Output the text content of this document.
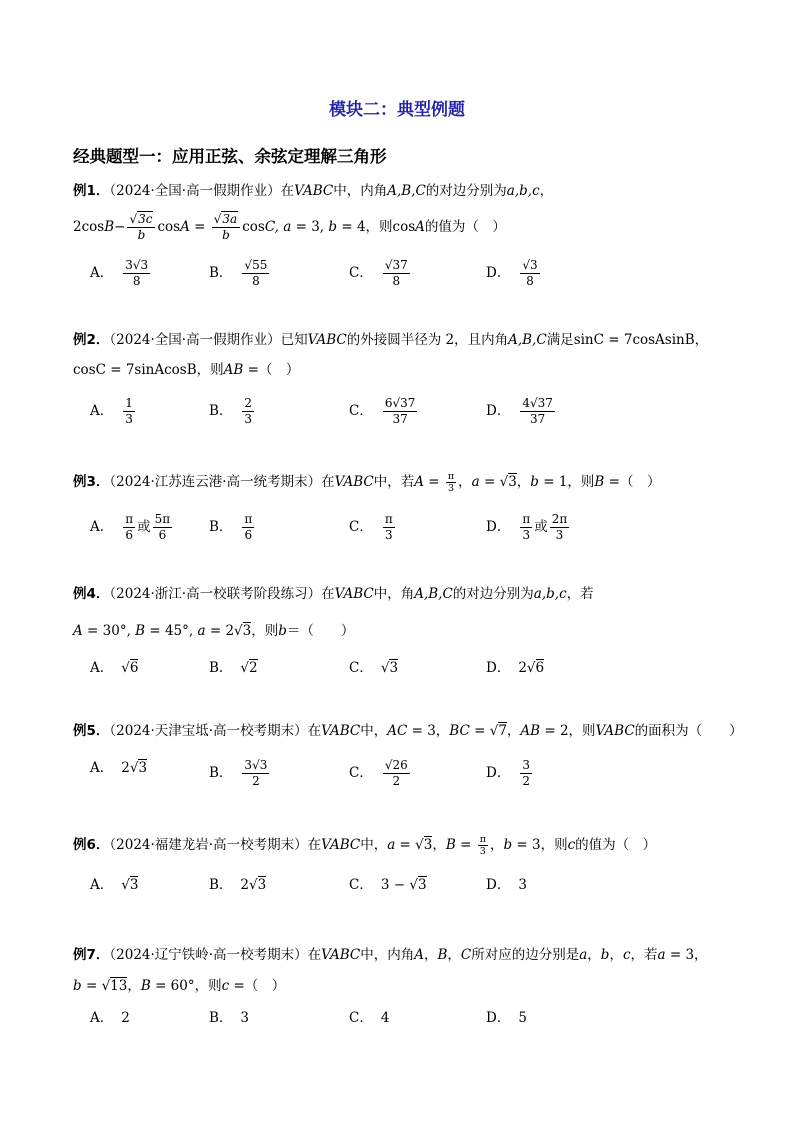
模块二：典型例题
经典题型一：应用正弦、余弦定理解三角形
例1．（2024·全国·高一假期作业）在VABC中，内角A,B,C的对边分别为a,b,c，
$2\cos B- \frac{√3c}{b}$ $\cos A = \frac{√3a}{b} \cos C$, a = 3, b = 4，则cosA的值为（　）
A． $\frac{3√3}{8}$	B． $\frac{√55}{8}$	C． $\frac{√37}{8}$	D． $\frac{√3}{8}$
例2．（2024·全国·高一假期作业）已知VABC的外接圆半径为 2，且内角A,B,C满足sinC = 7cosAsinB，
cosC = 7sinAcosB，则AB =（　）
A． $\frac{1}{3}$	B． $\frac{2}{3}$	C． $\frac{6√37}{37}$	D． $\frac{4√37}{37}$
例3．（2024·江苏连云港·高一统考期末）在VABC中，若$A = \frac{\pi}{3}$ ，a = √3，b = 1，则B =（　）
A． $\frac{\pi}{6}$ 或 $\frac{5\pi}{6}$	B． $\frac{\pi}{6}$	C． $\frac{\pi}{3}$	D． $\frac{\pi}{3}$ 或 $\frac{2\pi}{3}$
例4．（2024·浙江·高一校联考阶段练习）在VABC中，角A,B,C的对边分别为a,b,c，若
A = 30°, B = 45°, a = 2√3，则b＝（　　）
A． √6	B． √2	C． √3	D． 2√6
例5．（2024·天津宝坻·高一校考期末）在VABC中，AC = 3，BC = √7，AB = 2，则VABC的面积为（　　）
A． 2√3	B． $\frac{3√3}{2}$	C． $\frac{√26}{2}$	D． $\frac{3}{2}$
例6．（2024·福建龙岩·高一校考期末）在VABC中，a = √3，$B = \frac{\pi}{3}$ ，b = 3，则c的值为（　）
A． √3	B． 2√3	C． 3 − √3	D． 3
例7．（2024·辽宁铁岭·高一校考期末）在VABC中，内角A，B，C所对应的边分别是a，b，c，若a = 3，
b = √13，B = 60°，则c =（　）
A． 2	B． 3	C． 4	D． 5
